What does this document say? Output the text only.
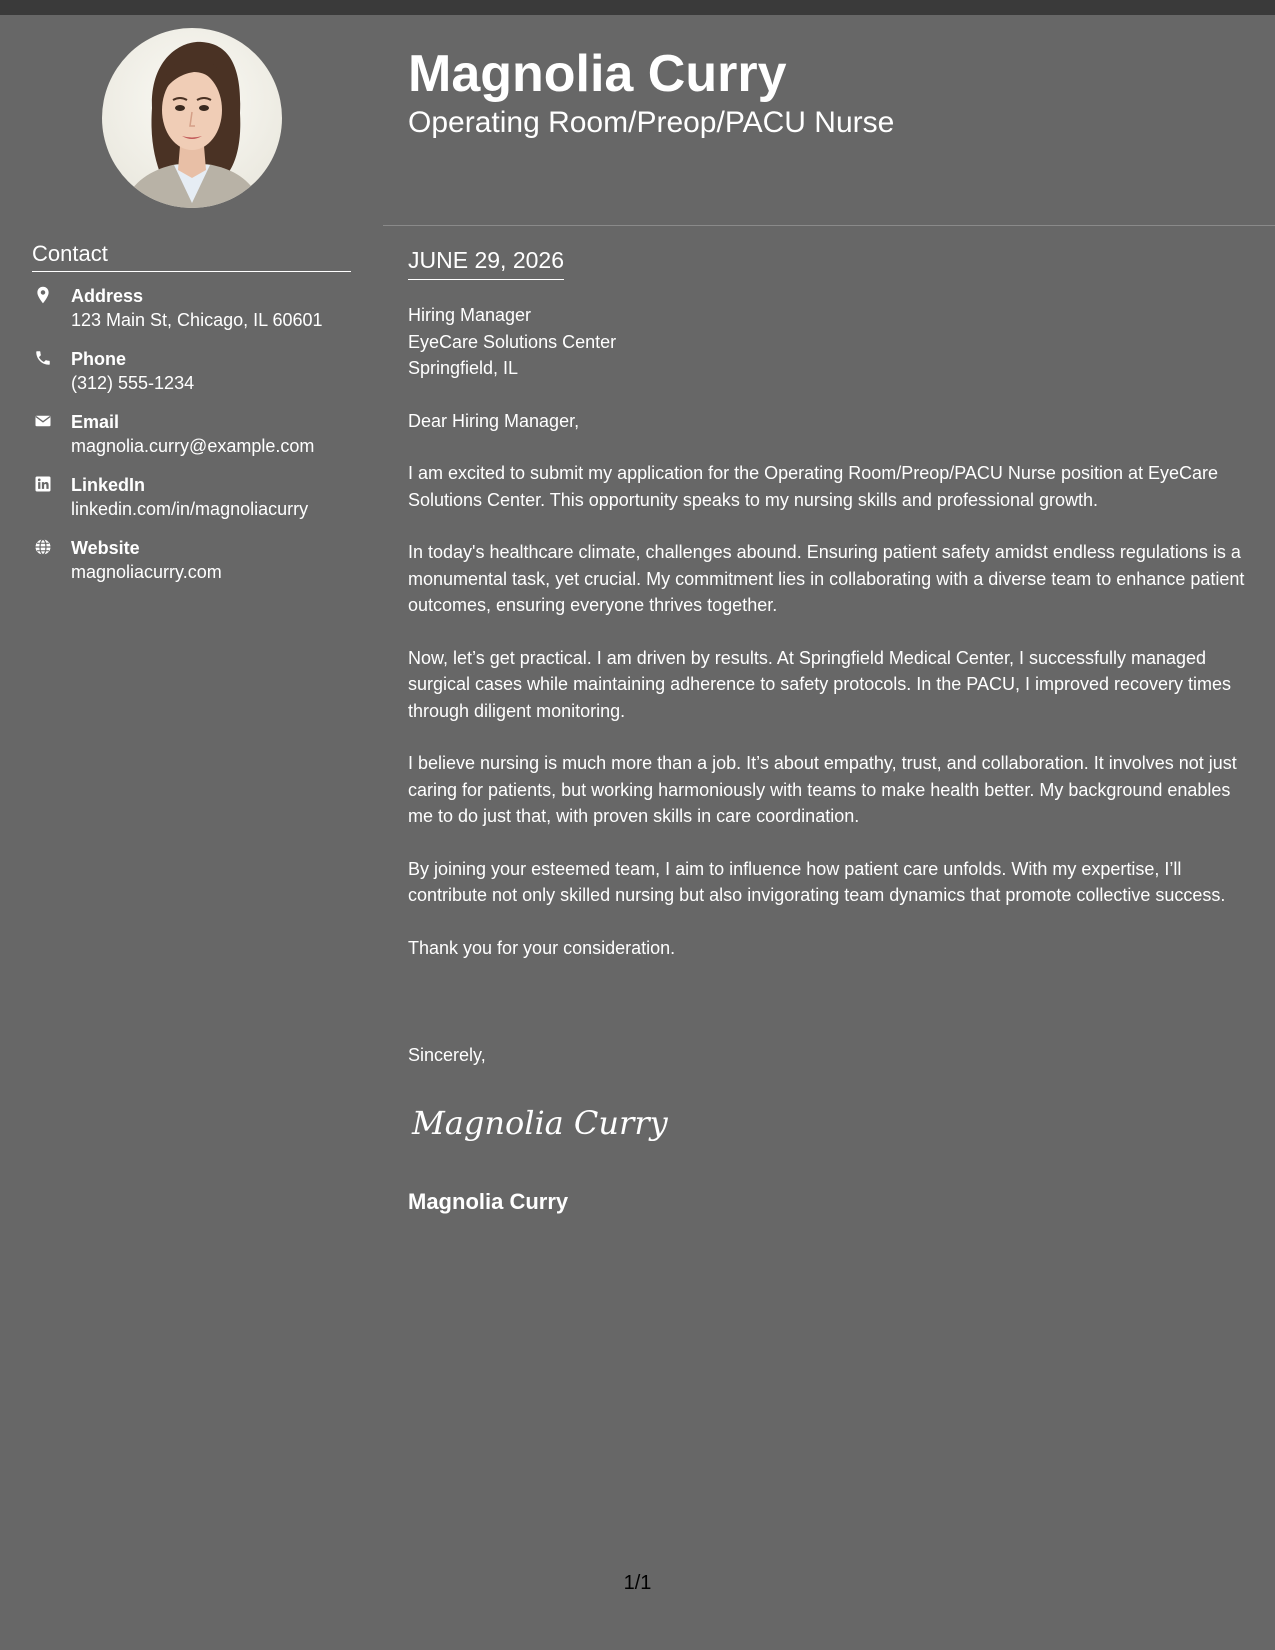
Contact
Address
123 Main St, Chicago, IL 60601
Phone
(312) 555-1234
Email
magnolia.curry@example.com
LinkedIn
linkedin.com/in/magnoliacurry
Website
magnoliacurry.com
Magnolia Curry
Operating Room/Preop/PACU Nurse
JUNE 29, 2026

Hiring Manager
EyeCare Solutions Center
Springfield, IL

Dear Hiring Manager,

I am excited to submit my application for the Operating Room/Preop/PACU Nurse position at EyeCare Solutions Center. This opportunity speaks to my nursing skills and professional growth.

In today's healthcare climate, challenges abound. Ensuring patient safety amidst endless regulations is a monumental task, yet crucial. My commitment lies in collaborating with a diverse team to enhance patient outcomes, ensuring everyone thrives together.

Now, let’s get practical. I am driven by results. At Springfield Medical Center, I successfully managed surgical cases while maintaining adherence to safety protocols. In the PACU, I improved recovery times through diligent monitoring.

I believe nursing is much more than a job. It’s about empathy, trust, and collaboration. It involves not just caring for patients, but working harmoniously with teams to make health better. My background enables me to do just that, with proven skills in care coordination.

By joining your esteemed team, I aim to influence how patient care unfolds. With my expertise, I’ll contribute not only skilled nursing but also invigorating team dynamics that promote collective success.

Thank you for your consideration.

Sincerely,
Magnolia Curry
Magnolia Curry
1/1
